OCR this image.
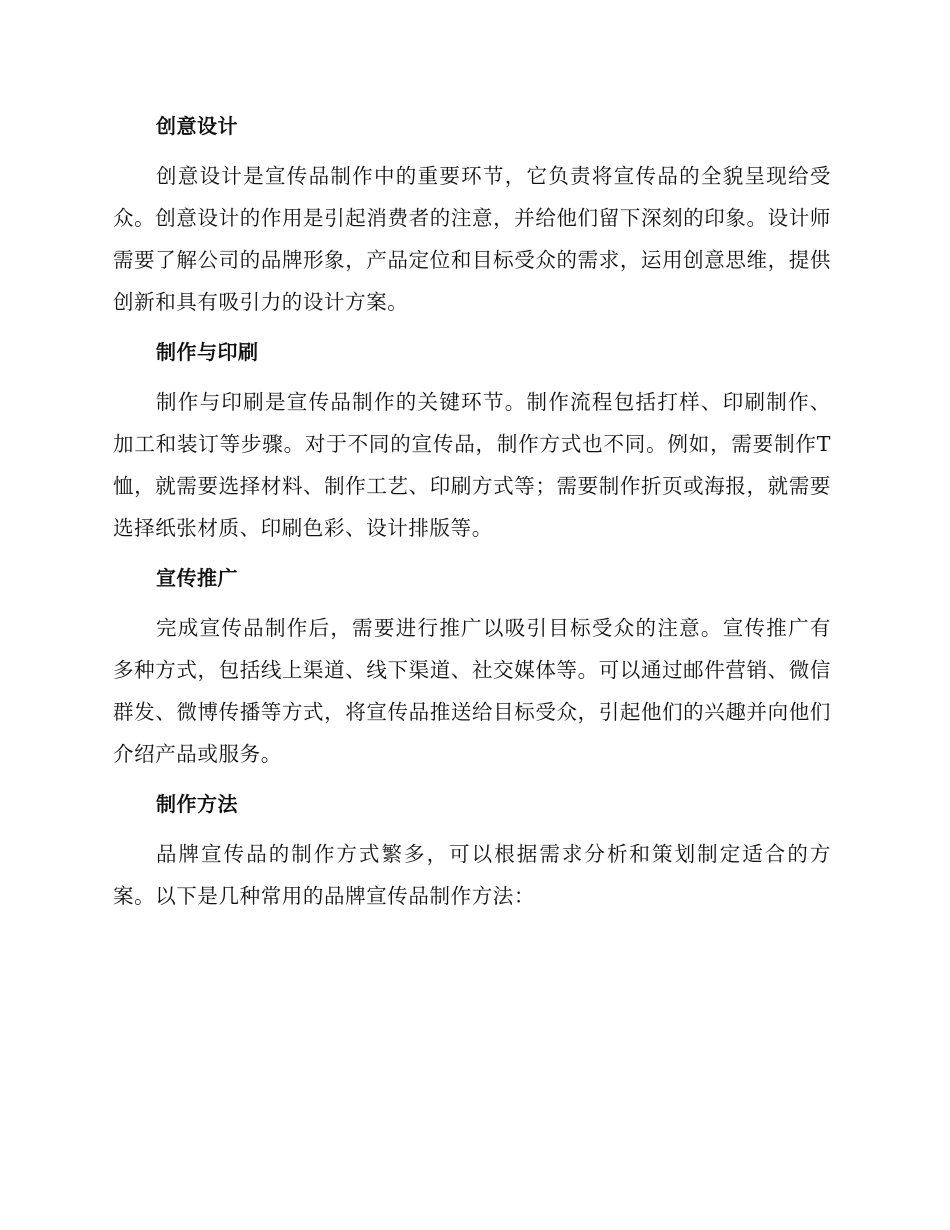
创意设计

创意设计是宣传品制作中的重要环节，它负责将宣传品的全貌呈现给受众。创意设计的作用是引起消费者的注意，并给他们留下深刻的印象。设计师需要了解公司的品牌形象，产品定位和目标受众的需求，运用创意思维，提供创新和具有吸引力的设计方案。

制作与印刷

制作与印刷是宣传品制作的关键环节。制作流程包括打样、印刷制作、加工和装订等步骤。对于不同的宣传品，制作方式也不同。例如，需要制作T恤，就需要选择材料、制作工艺、印刷方式等；需要制作折页或海报，就需要选择纸张材质、印刷色彩、设计排版等。

宣传推广

完成宣传品制作后，需要进行推广以吸引目标受众的注意。宣传推广有多种方式，包括线上渠道、线下渠道、社交媒体等。可以通过邮件营销、微信群发、微博传播等方式，将宣传品推送给目标受众，引起他们的兴趣并向他们介绍产品或服务。

制作方法

品牌宣传品的制作方式繁多，可以根据需求分析和策划制定适合的方案。以下是几种常用的品牌宣传品制作方法：
